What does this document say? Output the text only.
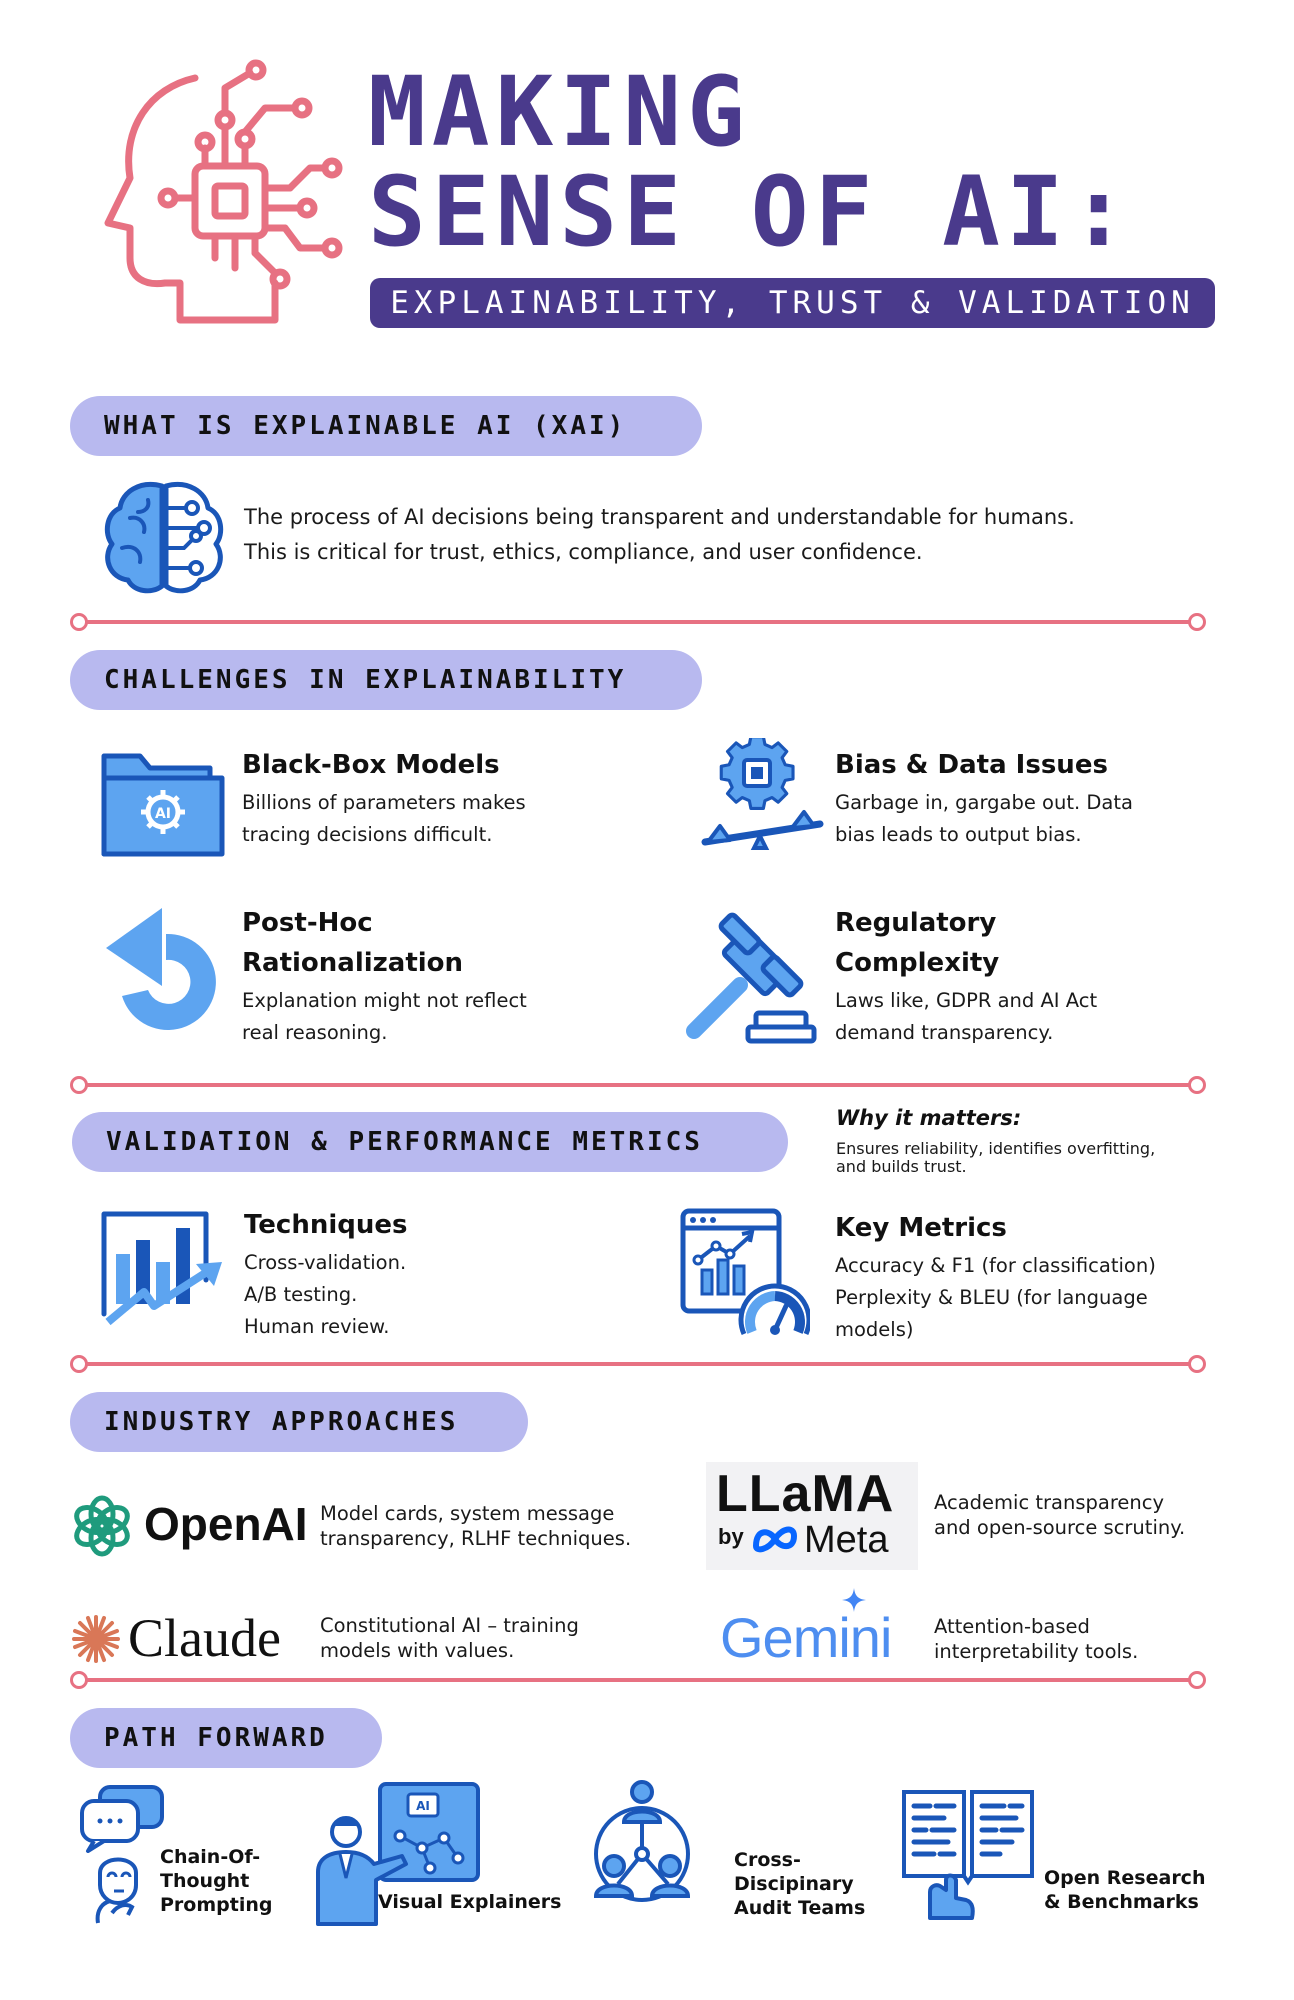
MAKING
SENSE OF AI:
EXPLAINABILITY, TRUST & VALIDATION
WHAT IS EXPLAINABLE AI (XAI)
The process of AI decisions being transparent and understandable for humans.
This is critical for trust, ethics, compliance, and user confidence.
CHALLENGES IN EXPLAINABILITY
AI
Black-Box Models
Billions of parameters makes
tracing decisions difficult.
Bias & Data Issues
Garbage in, gargabe out. Data
bias leads to output bias.
Post-Hoc
Rationalization
Explanation might not reflect
real reasoning.
Regulatory
Complexity
Laws like, GDPR and AI Act
demand transparency.
VALIDATION & PERFORMANCE METRICS
Why it matters:
Ensures reliability, identifies overfitting,
and builds trust.
Techniques
Cross-validation.
A/B testing.
Human review.
Key Metrics
Accuracy & F1 (for classification)
Perplexity & BLEU (for language
models)
INDUSTRY APPROACHES
OpenAI Model cards, system message
transparency, RLHF techniques.
LLaMA
by Meta
Academic transparency
and open-source scrutiny.
Claude Constitutional AI – training
models with values.	Gemini Attention-based
interpretability tools.
PATH FORWARD
Chain-Of-
Thought
Prompting
AI
Visual Explainers
Cross-
Discipinary
Audit Teams
Open Research
& Benchmarks
